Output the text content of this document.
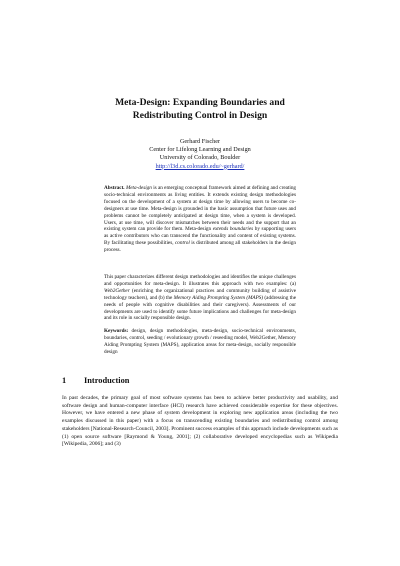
Meta-Design: Expanding Boundaries and
Redistributing Control in Design
Gerhard Fischer
Center for Lifelong Learning and Design
University of Colorado, Boulder
http://l3d.cs.colorado.edu/~gerhard/
Abstract. Meta-design is an emerging conceptual framework aimed at defining and creating socio-technical environments as living entities. It extends existing design methodologies focused on the development of a system at design time by allowing users to become co-designers at use time. Meta-design is grounded in the basic assumption that future uses and problems cannot be completely anticipated at design time, when a system is developed. Users, at use time, will discover mismatches between their needs and the support that an existing system can provide for them. Meta-design extends boundaries by supporting users as active contributors who can transcend the functionality and content of existing systems. By facilitating these possibilities, control is distributed among all stakeholders in the design process.
This paper characterizes different design methodologies and identifies the unique challenges and opportunities for meta-design. It illustrates this approach with two examples: (a) Web2Gether (enriching the organizational practices and community building of assistive technology teachers), and (b) the Memory Aiding Prompting System (MAPS) (addressing the needs of people with cognitive disabilities and their caregivers). Assessments of our developments are used to identify some future implications and challenges for meta-design and its role in socially responsible design.
Keywords: design, design methodologies, meta-design, socio-technical environments, boundaries, control, seeding / evolutionary growth / reseeding model, Web2Gether, Memory Aiding Prompting System (MAPS), application areas for meta-design, socially responsible design
1 Introduction
In past decades, the primary goal of most software systems has been to achieve better productivity and usability, and software design and human-computer interface (HCI) research have achieved considerable expertise for these objectives. However, we have entered a new phase of system development in exploring new application areas (including the two examples discussed in this paper) with a focus on transcending existing boundaries and redistributing control among stakeholders [National-Research-Council, 2003]. Prominent success examples of this approach include developments such as (1) open source software [Raymond & Young, 2001]; (2) collaborative developed encyclopedias such as Wikipedia [Wikipedia, 2006]; and (3)
